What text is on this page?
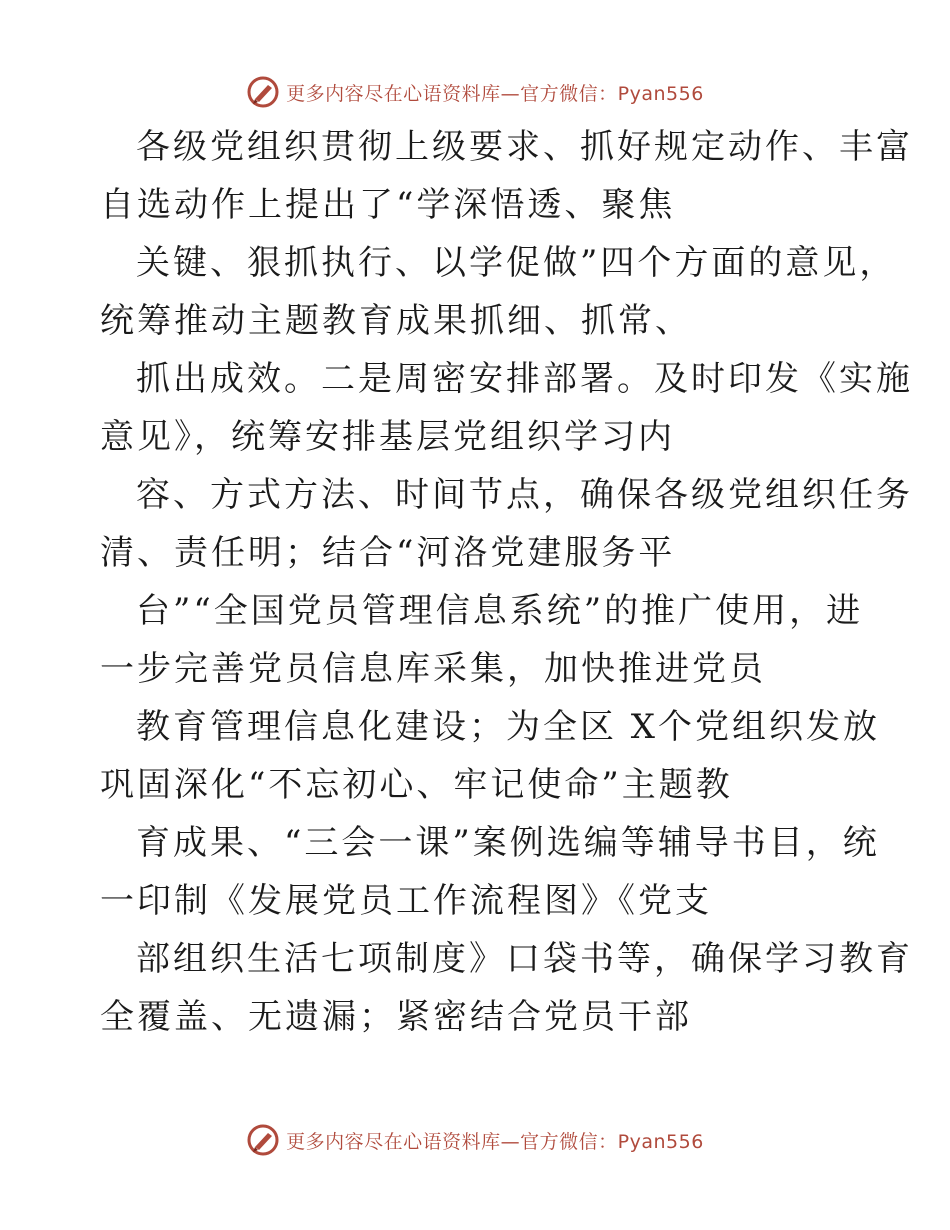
更多内容尽在心语资料库—官方微信：Pyan556
各级党组织贯彻上级要求、抓好规定动作、丰富
自选动作上提出了“学深悟透、聚焦
关键、狠抓执行、以学促做”四个方面的意见，
统筹推动主题教育成果抓细、抓常、
抓出成效。二是周密安排部署。及时印发《实施
意见》，统筹安排基层党组织学习内
容、方式方法、时间节点，确保各级党组织任务
清、责任明；结合“河洛党建服务平
台”“全国党员管理信息系统”的推广使用，进
一步完善党员信息库采集，加快推进党员
教育管理信息化建设；为全区 X个党组织发放
巩固深化“不忘初心、牢记使命”主题教
育成果、“三会一课”案例选编等辅导书目，统
一印制《发展党员工作流程图》《党支
部组织生活七项制度》口袋书等，确保学习教育
全覆盖、无遗漏；紧密结合党员干部
更多内容尽在心语资料库—官方微信：Pyan556
